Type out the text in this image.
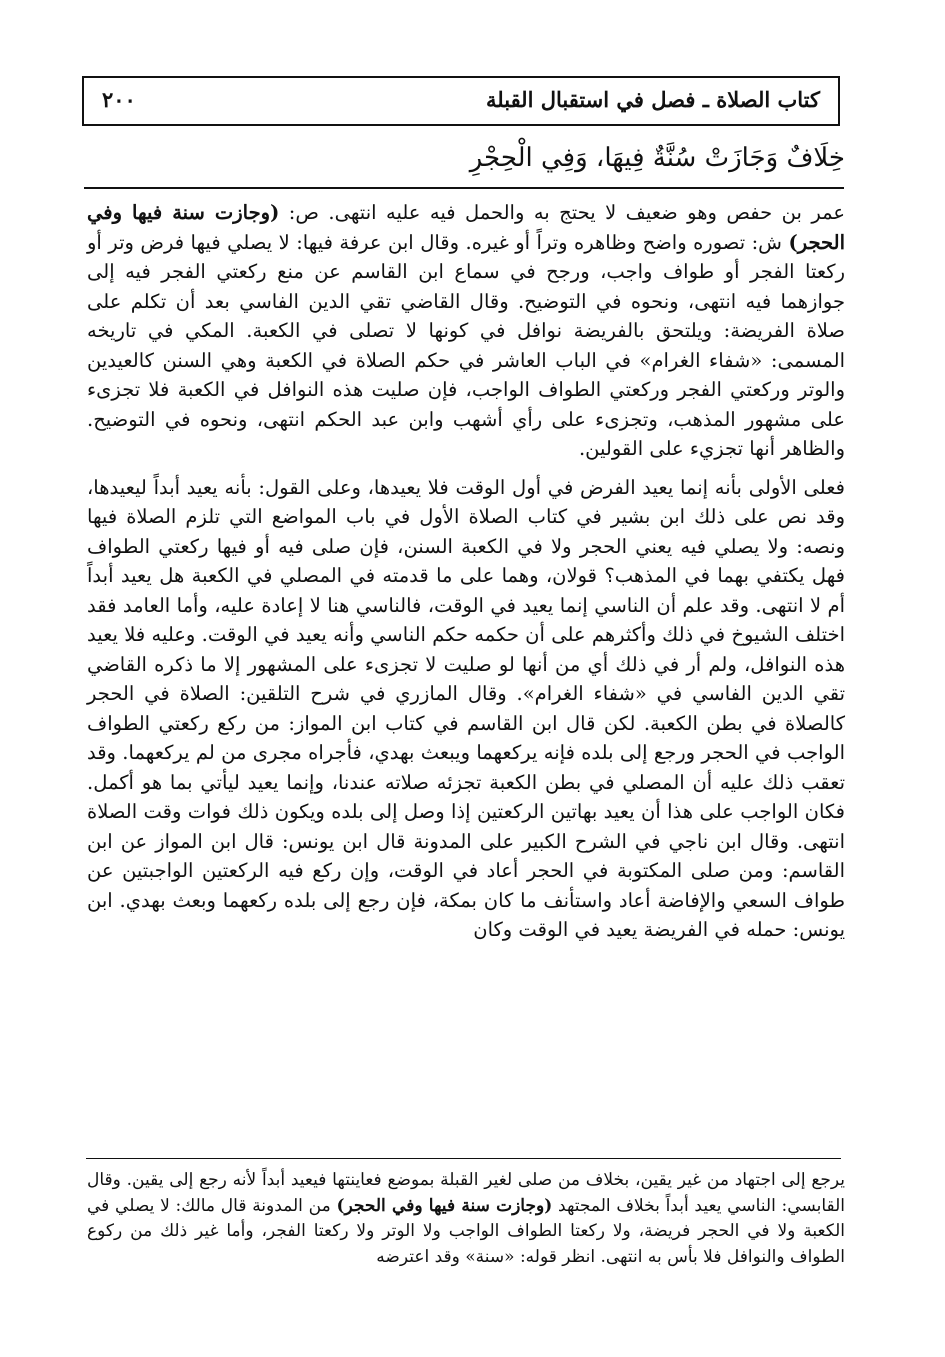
كتاب الصلاة ـ فصل في استقبال القبلة
٢٠٠
خِلَافٌ وَجَازَتْ سُنَّةٌ فِيهَا، وَفِي الْحِجْرِ

عمر بن حفص وهو ضعيف لا يحتج به والحمل فيه عليه انتهى. ص: (وجازت سنة فيها وفي الحجر) ش: تصوره واضح وظاهره وتراً أو غيره. وقال ابن عرفة فيها: لا يصلي فيها فرض وتر أو ركعتا الفجر أو طواف واجب، ورجح في سماع ابن القاسم عن منع ركعتي الفجر فيه إلى جوازهما فيه انتهى، ونحوه في التوضيح. وقال القاضي تقي الدين الفاسي بعد أن تكلم على صلاة الفريضة: ويلتحق بالفريضة نوافل في كونها لا تصلى في الكعبة. المكي في تاريخه المسمى: «شفاء الغرام» في الباب العاشر في حكم الصلاة في الكعبة وهي السنن كالعيدين والوتر وركعتي الفجر وركعتي الطواف الواجب، فإن صليت هذه النوافل في الكعبة فلا تجزىء على مشهور المذهب، وتجزىء على رأي أشهب وابن عبد الحكم انتهى، ونحوه في التوضيح. والظاهر أنها تجزيء على القولين.

فعلى الأولى بأنه إنما يعيد الفرض في أول الوقت فلا يعيدها، وعلى القول: بأنه يعيد أبداً ليعيدها، وقد نص على ذلك ابن بشير في كتاب الصلاة الأول في باب المواضع التي تلزم الصلاة فيها ونصه: ولا يصلي فيه يعني الحجر ولا في الكعبة السنن، فإن صلى فيه أو فيها ركعتي الطواف فهل يكتفي بهما في المذهب؟ قولان، وهما على ما قدمته في المصلي في الكعبة هل يعيد أبداً أم لا انتهى. وقد علم أن الناسي إنما يعيد في الوقت، فالناسي هنا لا إعادة عليه، وأما العامد فقد اختلف الشيوخ في ذلك وأكثرهم على أن حكمه حكم الناسي وأنه يعيد في الوقت. وعليه فلا يعيد هذه النوافل، ولم أر في ذلك أي من أنها لو صليت لا تجزىء على المشهور إلا ما ذكره القاضي تقي الدين الفاسي في «شفاء الغرام». وقال المازري في شرح التلقين: الصلاة في الحجر كالصلاة في بطن الكعبة. لكن قال ابن القاسم في كتاب ابن المواز: من ركع ركعتي الطواف الواجب في الحجر ورجع إلى بلده فإنه يركعهما ويبعث بهدي، فأجراه مجرى من لم يركعهما. وقد تعقب ذلك عليه أن المصلي في بطن الكعبة تجزئه صلاته عندنا، وإنما يعيد ليأتي بما هو أكمل. فكان الواجب على هذا أن يعيد بهاتين الركعتين إذا وصل إلى بلده ويكون ذلك فوات وقت الصلاة انتهى. وقال ابن ناجي في الشرح الكبير على المدونة قال ابن يونس: قال ابن المواز عن ابن القاسم: ومن صلى المكتوبة في الحجر أعاد في الوقت، وإن ركع فيه الركعتين الواجبتين عن طواف السعي والإفاضة أعاد واستأنف ما كان بمكة، فإن رجع إلى بلده ركعهما وبعث بهدي. ابن يونس: حمله في الفريضة يعيد في الوقت وكان

يرجع إلى اجتهاد من غير يقين، بخلاف من صلى لغير القبلة بموضع فعاينتها فيعيد أبداً لأنه رجع إلى يقين. وقال القابسي: الناسي يعيد أبداً بخلاف المجتهد (وجازت سنة فيها وفي الحجر) من المدونة قال مالك: لا يصلي في الكعبة ولا في الحجر فريضة، ولا ركعتا الطواف الواجب ولا الوتر ولا ركعتا الفجر، وأما غير ذلك من ركوع الطواف والنوافل فلا بأس به انتهى. انظر قوله: «سنة» وقد اعترضه
